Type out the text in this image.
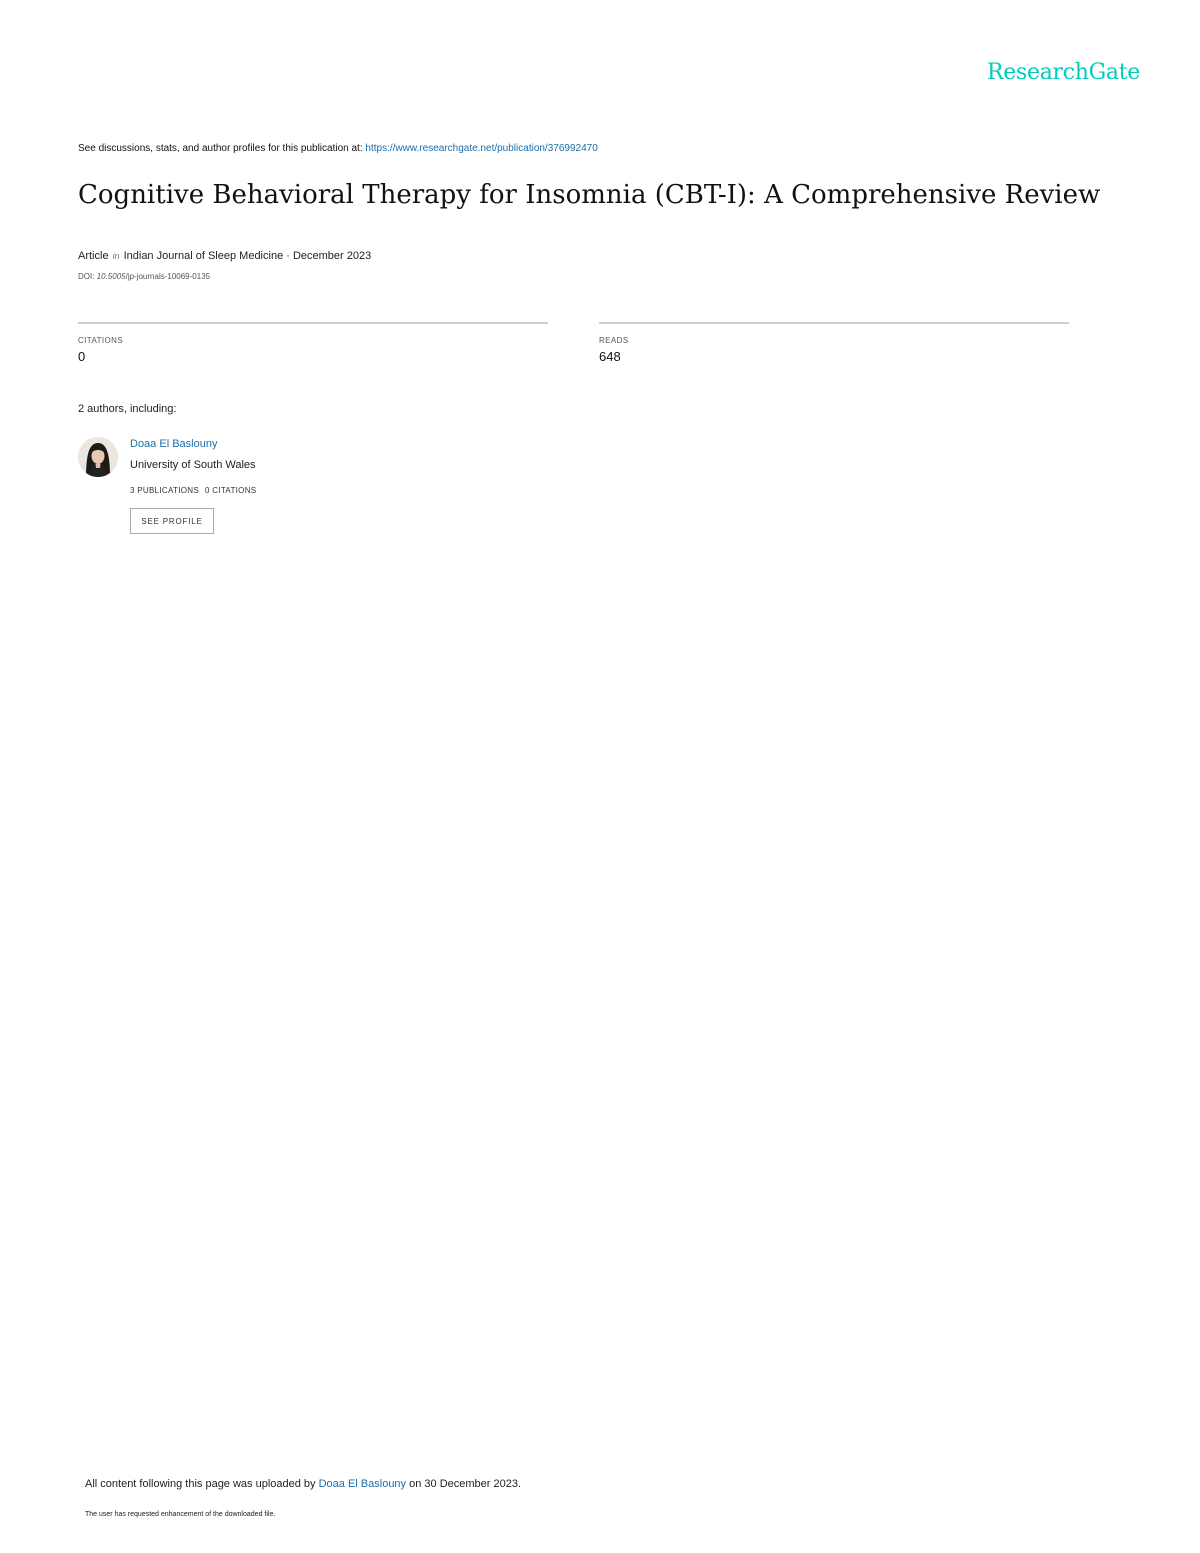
ResearchGate
See discussions, stats, and author profiles for this publication at: https://www.researchgate.net/publication/376992470
Cognitive Behavioral Therapy for Insomnia (CBT-I): A Comprehensive Review
Article in Indian Journal of Sleep Medicine · December 2023
DOI: 10.5005/jp-journals-10069-0135
CITATIONS
0
READS
648
2 authors, including:
Doaa El Baslouny
University of South Wales
3 PUBLICATIONS 0 CITATIONS
SEE PROFILE
All content following this page was uploaded by Doaa El Baslouny on 30 December 2023.
The user has requested enhancement of the downloaded file.
